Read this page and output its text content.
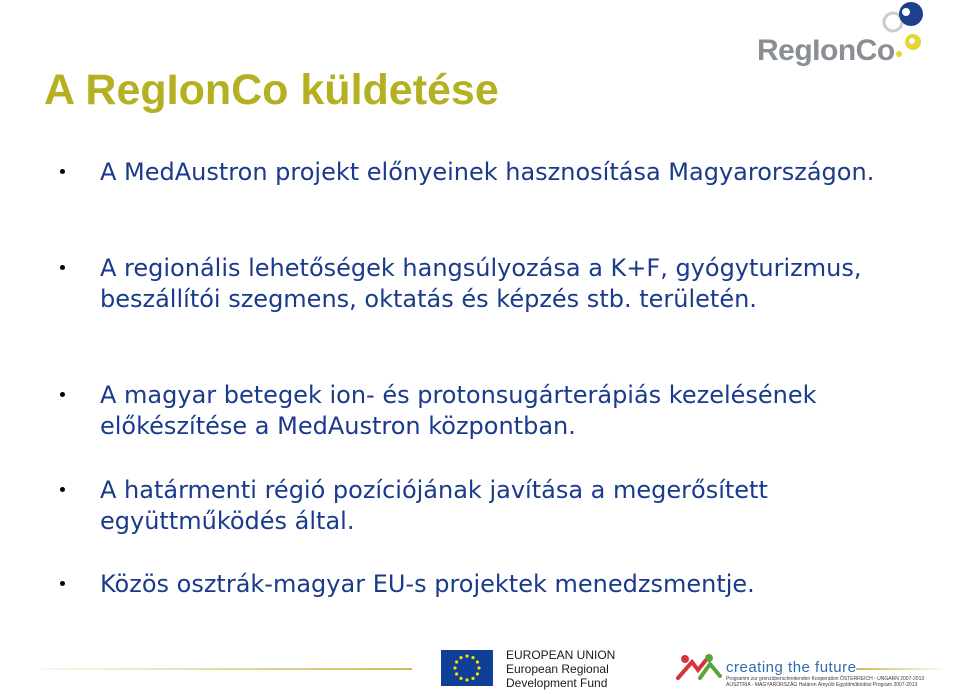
RegIonCo
A RegIonCo küldetése
A MedAustron projekt előnyeinek hasznosítása Magyarországon.
A regionális lehetőségek hangsúlyozása a K+F, gyógyturizmus, beszállítói szegmens, oktatás és képzés stb. területén.
A magyar betegek ion- és protonsugárterápiás kezelésének előkészítése a MedAustron központban.
A határmenti régió pozíciójának javítása a megerősített együttműködés által.
Közös osztrák-magyar EU-s projektek menedzsmentje.
EUROPEAN UNION
European Regional
Development Fund
creating the future
Programm zur grenzüberschreitenden Kooperation ÖSTERREICH - UNGARN 2007-2013
AUSZTRIA - MAGYARORSZÁG Határon Átnyúló Együttműködési Program 2007-2013
